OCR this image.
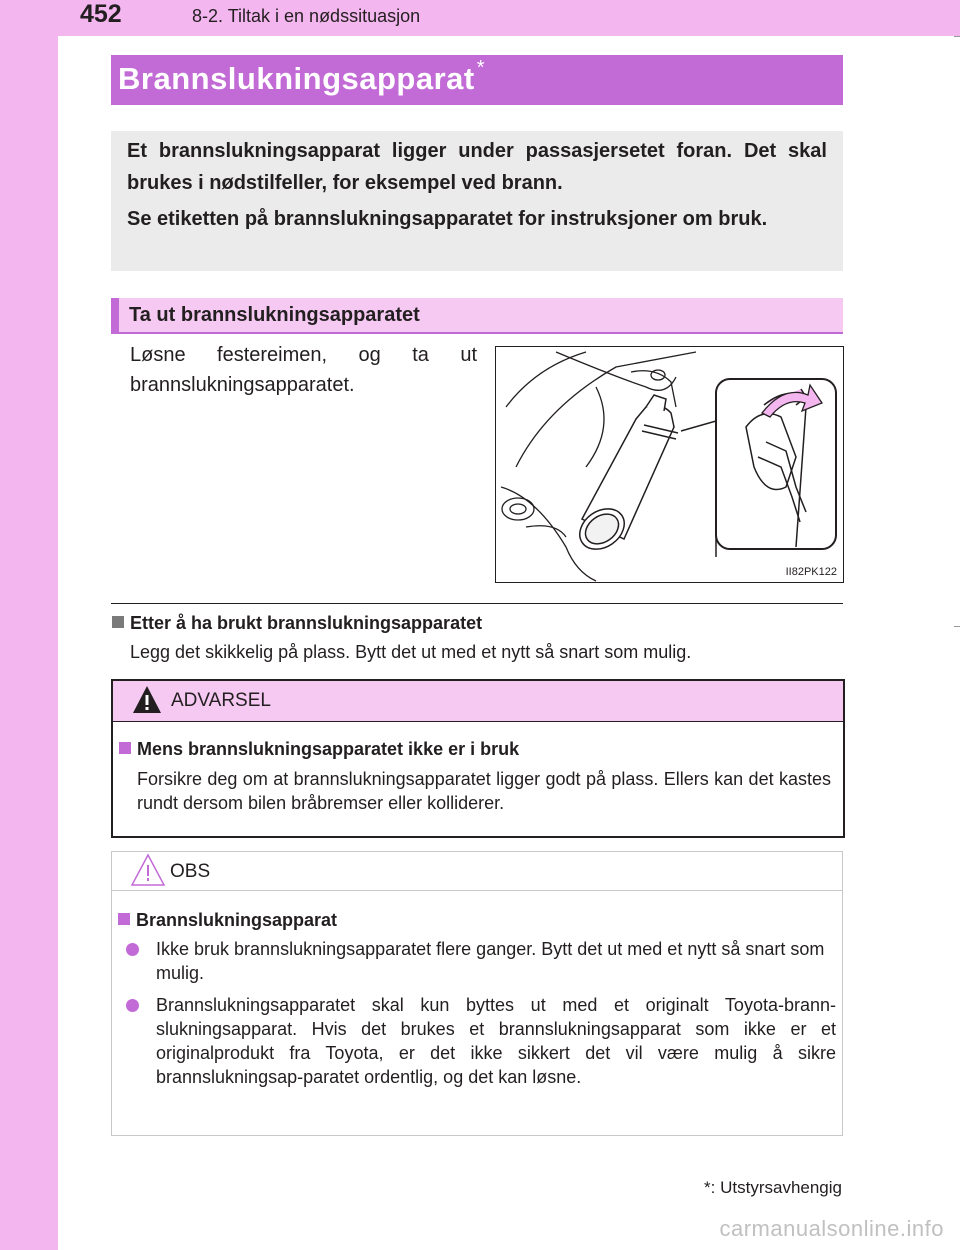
452	8-2. Tiltak i en nødssituasjon
Brannslukningsapparat *

Et brannslukningsapparat ligger under passasjersetet foran. Det skal brukes i nødstilfeller, for eksempel ved brann.

Se etiketten på brannslukningsapparatet for instruksjoner om bruk.

Ta ut brannslukningsapparatet

Løsne festereimen, og ta ut brannslukningsapparatet.

II82PK122
Etter å ha brukt brannslukningsapparatet
Legg det skikkelig på plass. Bytt det ut med et nytt så snart som mulig.
ADVARSEL
Mens brannslukningsapparatet ikke er i bruk

Forsikre deg om at brannslukningsapparatet ligger godt på plass. Ellers kan det kastes rundt dersom bilen bråbremser eller kolliderer.

OBS
Brannslukningsapparat

Ikke bruk brannslukningsapparatet flere ganger. Bytt det ut med et nytt så snart som mulig.

Brannslukningsapparatet skal kun byttes ut med et originalt Toyota-brann-slukningsapparat. Hvis det brukes et brannslukningsapparat som ikke er et originalprodukt fra Toyota, er det ikke sikkert det vil være mulig å sikre brannslukningsap-paratet ordentlig, og det kan løsne.

*: Utstyrsavhengig
carmanualsonline.info
